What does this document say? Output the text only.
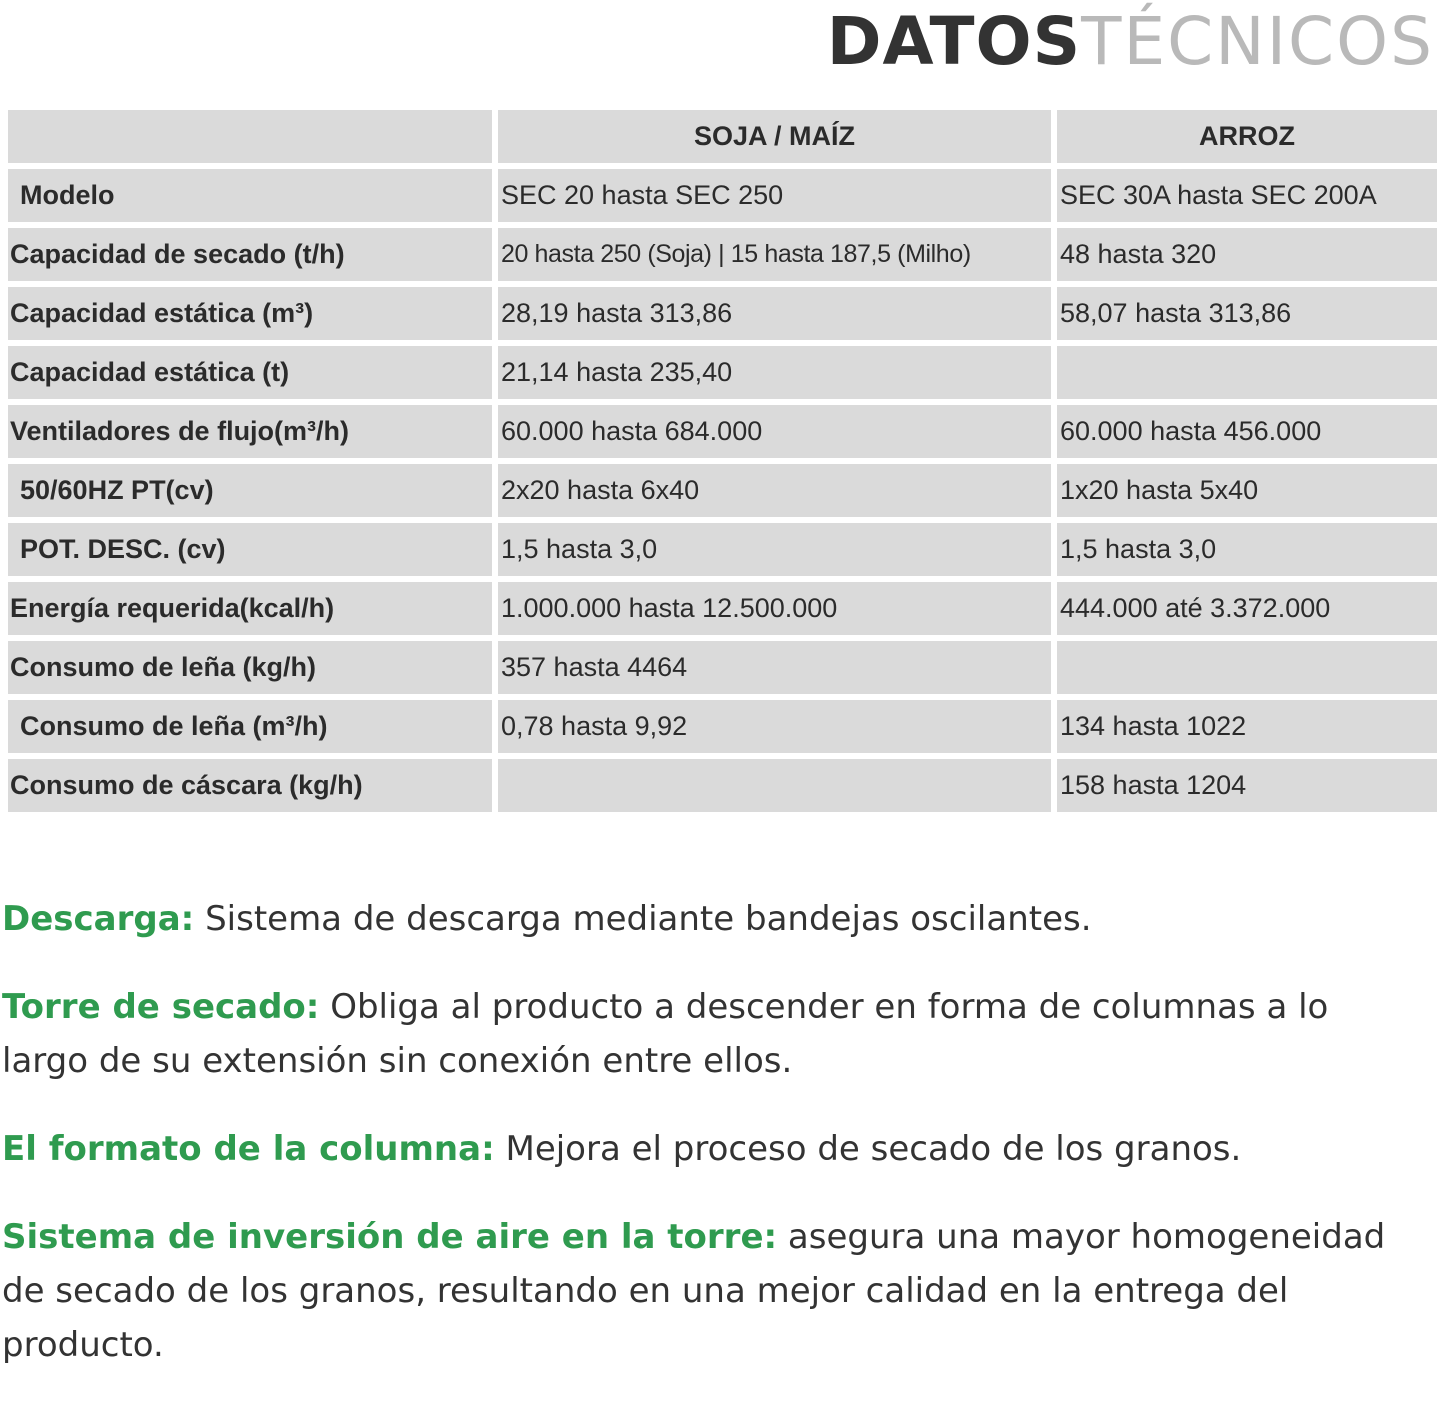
DATOSTÉCNICOS
	SOJA / MAÍZ	ARROZ
Modelo	SEC 20 hasta SEC 250	SEC 30A hasta SEC 200A
Capacidad de secado (t/h)	20 hasta 250 (Soja) | 15 hasta 187,5 (Milho)	48 hasta 320
Capacidad estática (m³)	28,19 hasta 313,86	58,07 hasta 313,86
Capacidad estática (t)	21,14 hasta 235,40	
Ventiladores de flujo(m³/h)	60.000 hasta 684.000	60.000 hasta 456.000
50/60HZ PT(cv)	2x20 hasta 6x40	1x20 hasta 5x40
POT. DESC. (cv)	1,5 hasta 3,0	1,5 hasta 3,0
Energía requerida(kcal/h)	1.000.000 hasta 12.500.000	444.000 até 3.372.000
Consumo de leña (kg/h)	357 hasta 4464	
Consumo de leña (m³/h)	0,78 hasta 9,92	134 hasta 1022
Consumo de cáscara (kg/h)		158 hasta 1204

Descarga: Sistema de descarga mediante bandejas oscilantes.

Torre de secado: Obliga al producto a descender en forma de columnas a lo largo de su extensión sin conexión entre ellos.

El formato de la columna: Mejora el proceso de secado de los granos.

Sistema de inversión de aire en la torre: asegura una mayor homogeneidad de secado de los granos, resultando en una mejor calidad en la entrega del producto.
